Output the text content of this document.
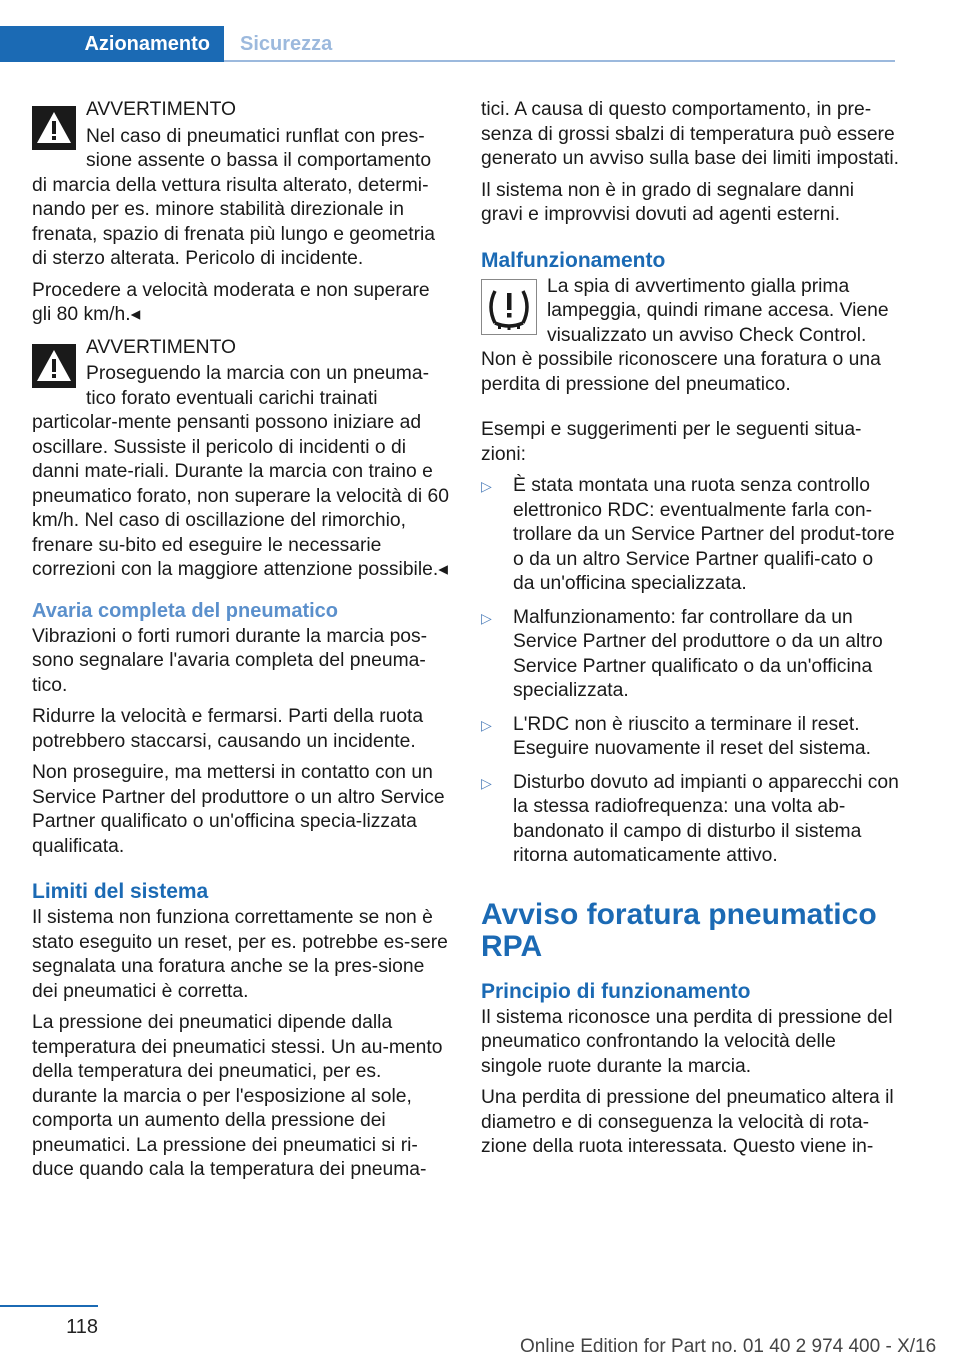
Azionamento	Sicurezza
AVVERTIMENTO

Nel caso di pneumatici runflat con pres-sione assente o bassa il comportamento di marcia della vettura risulta alterato, determi-nando per es. minore stabilità direzionale in frenata, spazio di frenata più lungo e geometria di sterzo alterata. Pericolo di incidente.

Procedere a velocità moderata e non superare gli 80 km/h.◂

AVVERTIMENTO

Proseguendo la marcia con un pneuma-tico forato eventuali carichi trainati particolar-mente pensanti possono iniziare ad oscillare. Sussiste il pericolo di incidenti o di danni mate-riali. Durante la marcia con traino e pneumatico forato, non superare la velocità di 60 km/h. Nel caso di oscillazione del rimorchio, frenare su-bito ed eseguire le necessarie correzioni con la maggiore attenzione possibile.◂

Avaria completa del pneumatico

Vibrazioni o forti rumori durante la marcia pos-sono segnalare l'avaria completa del pneuma-tico.

Ridurre la velocità e fermarsi. Parti della ruota potrebbero staccarsi, causando un incidente.

Non proseguire, ma mettersi in contatto con un Service Partner del produttore o un altro Service Partner qualificato o un'officina specia-lizzata qualificata.

Limiti del sistema

Il sistema non funziona correttamente se non è stato eseguito un reset, per es. potrebbe es-sere segnalata una foratura anche se la pres-sione dei pneumatici è corretta.

La pressione dei pneumatici dipende dalla temperatura dei pneumatici stessi. Un au-mento della temperatura dei pneumatici, per es. durante la marcia o per l'esposizione al sole, comporta un aumento della pressione dei pneumatici. La pressione dei pneumatici si ri-duce quando cala la temperatura dei pneuma-

tici. A causa di questo comportamento, in pre-senza di grossi sbalzi di temperatura può essere generato un avviso sulla base dei limiti impostati.

Il sistema non è in grado di segnalare danni gravi e improvvisi dovuti ad agenti esterni.

Malfunzionamento

La spia di avvertimento gialla prima lampeggia, quindi rimane accesa. Viene visualizzato un avviso Check Control. Non è possibile riconoscere una foratura o una perdita di pressione del pneumatico.

Esempi e suggerimenti per le seguenti situa-zioni:

▷ È stata montata una ruota senza controllo elettronico RDC: eventualmente farla con-trollare da un Service Partner del produt-tore o da un altro Service Partner qualifi-cato o da un'officina specializzata.
▷ Malfunzionamento: far controllare da un Service Partner del produttore o da un altro Service Partner qualificato o da un'officina specializzata.
▷ L'RDC non è riuscito a terminare il reset. Eseguire nuovamente il reset del sistema.
▷ Disturbo dovuto ad impianti o apparecchi con la stessa radiofrequenza: una volta ab-bandonato il campo di disturbo il sistema ritorna automaticamente attivo.
Avviso foratura pneumatico RPA
Principio di funzionamento

Il sistema riconosce una perdita di pressione del pneumatico confrontando la velocità delle singole ruote durante la marcia.

Una perdita di pressione del pneumatico altera il diametro e di conseguenza la velocità di rota-zione della ruota interessata. Questo viene in-

118
Online Edition for Part no. 01 40 2 974 400 - X/16
